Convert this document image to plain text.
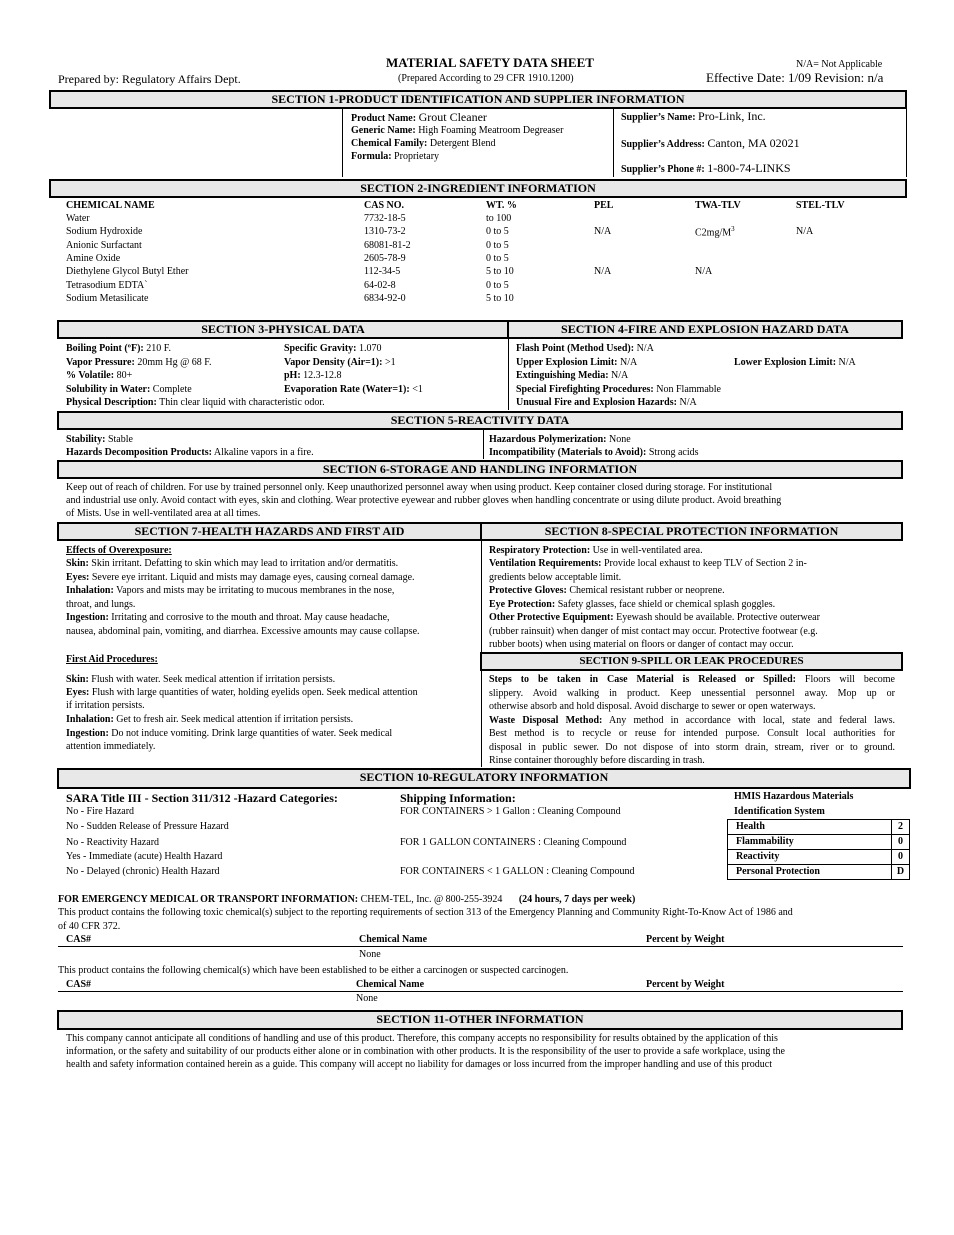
MATERIAL SAFETY DATA SHEET
(Prepared According to 29 CFR 1910.1200)
Prepared by: Regulatory Affairs Dept.
N/A= Not Applicable
Effective Date: 1/09 Revision: n/a
SECTION 1-PRODUCT IDENTIFICATION AND SUPPLIER INFORMATION
Product Name: Grout Cleaner
Generic Name: High Foaming Meatroom Degreaser
Chemical Family: Detergent Blend
Formula: Proprietary
Supplier’s Name: Pro-Link, Inc.
Supplier’s Address: Canton, MA 02021
Supplier’s Phone #: 1-800-74-LINKS
SECTION 2-INGREDIENT INFORMATION
CHEMICAL NAME	CAS NO.	WT. %	PEL	TWA-TLV	STEL-TLV
Water	7732-18-5	to 100
Sodium Hydroxide	1310-73-2	0 to 5	N/A	$C2mg/M^3$	N/A
Anionic Surfactant	68081-81-2	0 to 5
Amine Oxide	2605-78-9	0 to 5
Diethylene Glycol Butyl Ether	112-34-5	5 to 10	N/A	N/A
Tetrasodium EDTA`	64-02-8	0 to 5
Sodium Metasilicate	6834-92-0	5 to 10
SECTION 3-PHYSICAL DATA	SECTION 4-FIRE AND EXPLOSION HAZARD DATA
Boiling Point (ºF): 210 F.	Specific Gravity: 1.070
Vapor Pressure: 20mm Hg @ 68 F.	Vapor Density (Air=1): >1
% Volatile: 80+	pH: 12.3-12.8
Solubility in Water: Complete	Evaporation Rate (Water=1): <1
Physical Description: Thin clear liquid with characteristic odor.
Flash Point (Method Used): N/A
Upper Explosion Limit: N/A	Lower Explosion Limit: N/A
Extinguishing Media: N/A
Special Firefighting Procedures: Non Flammable
Unusual Fire and Explosion Hazards: N/A
SECTION 5-REACTIVITY DATA
Stability: Stable
Hazards Decomposition Products: Alkaline vapors in a fire.
Hazardous Polymerization: None
Incompatibility (Materials to Avoid): Strong acids
SECTION 6-STORAGE AND HANDLING INFORMATION
Keep out of reach of children. For use by trained personnel only. Keep unauthorized personnel away when using product. Keep container closed during storage. For institutional
and industrial use only. Avoid contact with eyes, skin and clothing. Wear protective eyewear and rubber gloves when handling concentrate or using dilute product. Avoid breathing
of Mists. Use in well-ventilated area at all times.
SECTION 7-HEALTH HAZARDS AND FIRST AID	SECTION 8-SPECIAL PROTECTION INFORMATION
Effects of Overexposure:
Skin: Skin irritant. Defatting to skin which may lead to irritation and/or dermatitis.
Eyes: Severe eye irritant. Liquid and mists may damage eyes, causing corneal damage.
Inhalation: Vapors and mists may be irritating to mucous membranes in the nose,
throat, and lungs.
Ingestion: Irritating and corrosive to the mouth and throat. May cause headache,
nausea, abdominal pain, vomiting, and diarrhea. Excessive amounts may cause collapse.
First Aid Procedures:
Skin: Flush with water. Seek medical attention if irritation persists.
Eyes: Flush with large quantities of water, holding eyelids open. Seek medical attention
if irritation persists.
Inhalation: Get to fresh air. Seek medical attention if irritation persists.
Ingestion: Do not induce vomiting. Drink large quantities of water. Seek medical
attention immediately.
Respiratory Protection: Use in well-ventilated area.
Ventilation Requirements: Provide local exhaust to keep TLV of Section 2 in-
gredients below acceptable limit.
Protective Gloves: Chemical resistant rubber or neoprene.
Eye Protection: Safety glasses, face shield or chemical splash goggles.
Other Protective Equipment: Eyewash should be available. Protective outerwear
(rubber rainsuit) when danger of mist contact may occur. Protective footwear (e.g.
rubber boots) when using material on floors or danger of contact may occur.
SECTION 9-SPILL OR LEAK PROCEDURES
Steps to be taken in Case Material is Released or Spilled: Floors will become
slippery. Avoid walking in product. Keep unessential personnel away. Mop up or
otherwise absorb and hold disposal. Avoid discharge to sewer or open waterways.
Waste Disposal Method: Any method in accordance with local, state and federal laws.
Best method is to recycle or reuse for intended purpose. Consult local authorities for
disposal in public sewer. Do not dispose of into storm drain, stream, river or to ground.
Rinse container thoroughly before discarding in trash.
SECTION 10-REGULATORY INFORMATION
SARA Title III - Section 311/312 -Hazard Categories:
No - Fire Hazard
No - Sudden Release of Pressure Hazard
No - Reactivity Hazard
Yes - Immediate (acute) Health Hazard
No - Delayed (chronic) Health Hazard
Shipping Information:
FOR CONTAINERS > 1 Gallon : Cleaning Compound
FOR 1 GALLON CONTAINERS : Cleaning Compound
FOR CONTAINERS < 1 GALLON : Cleaning Compound
HMIS Hazardous Materials
Identification System
Health	2
Flammability	0
Reactivity	0
Personal Protection	D
FOR EMERGENCY MEDICAL OR TRANSPORT INFORMATION: CHEM-TEL, Inc. @ 800-255-3924 (24 hours, 7 days per week)
This product contains the following toxic chemical(s) subject to the reporting requirements of section 313 of the Emergency Planning and Community Right-To-Know Act of 1986 and
of 40 CFR 372.
CAS#	Chemical Name	Percent by Weight
None
This product contains the following chemical(s) which have been established to be either a carcinogen or suspected carcinogen.
CAS#	Chemical Name	Percent by Weight
None
SECTION 11-OTHER INFORMATION
This company cannot anticipate all conditions of handling and use of this product. Therefore, this company accepts no responsibility for results obtained by the application of this
information, or the safety and suitability of our products either alone or in combination with other products. It is the responsibility of the user to provide a safe workplace, using the
health and safety information contained herein as a guide. This company will accept no liability for damages or loss incurred from the improper handling and use of this product
